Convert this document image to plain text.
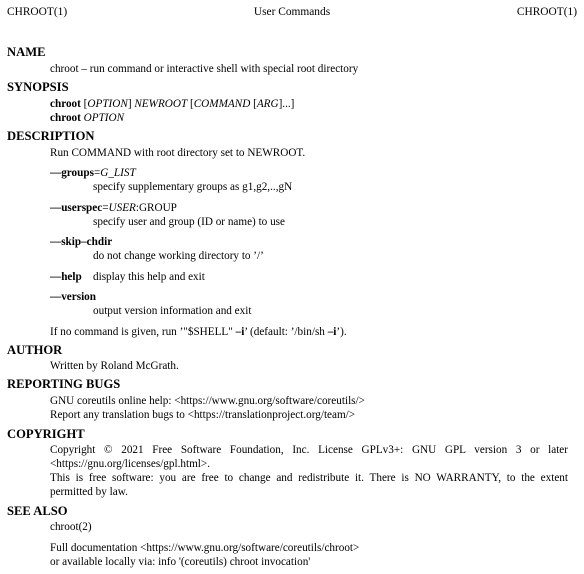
CHROOT(1)	User Commands	CHROOT(1)
NAME
chroot – run command or interactive shell with special root directory
SYNOPSIS
chroot [OPTION] NEWROOT [COMMAND [ARG]...]
chroot OPTION
DESCRIPTION
Run COMMAND with root directory set to NEWROOT.
––groups=G_LIST
specify supplementary groups as g1,g2,..,gN
––userspec=USER:GROUP
specify user and group (ID or name) to use
––skip–chdir
do not change working directory to ’/’
––help display this help and exit
––version
output version information and exit
If no command is given, run ’"$SHELL" –i’ (default: ’/bin/sh –i’).
AUTHOR
Written by Roland McGrath.
REPORTING BUGS
GNU coreutils online help: <https://www.gnu.org/software/coreutils/>
Report any translation bugs to <https://translationproject.org/team/>
COPYRIGHT
Copyright © 2021 Free Software Foundation, Inc. License GPLv3+: GNU GPL version 3 or later
<https://gnu.org/licenses/gpl.html>.
This is free software: you are free to change and redistribute it. There is NO WARRANTY, to the extent
permitted by law.
SEE ALSO
chroot(2)
Full documentation <https://www.gnu.org/software/coreutils/chroot>
or available locally via: info '(coreutils) chroot invocation'
